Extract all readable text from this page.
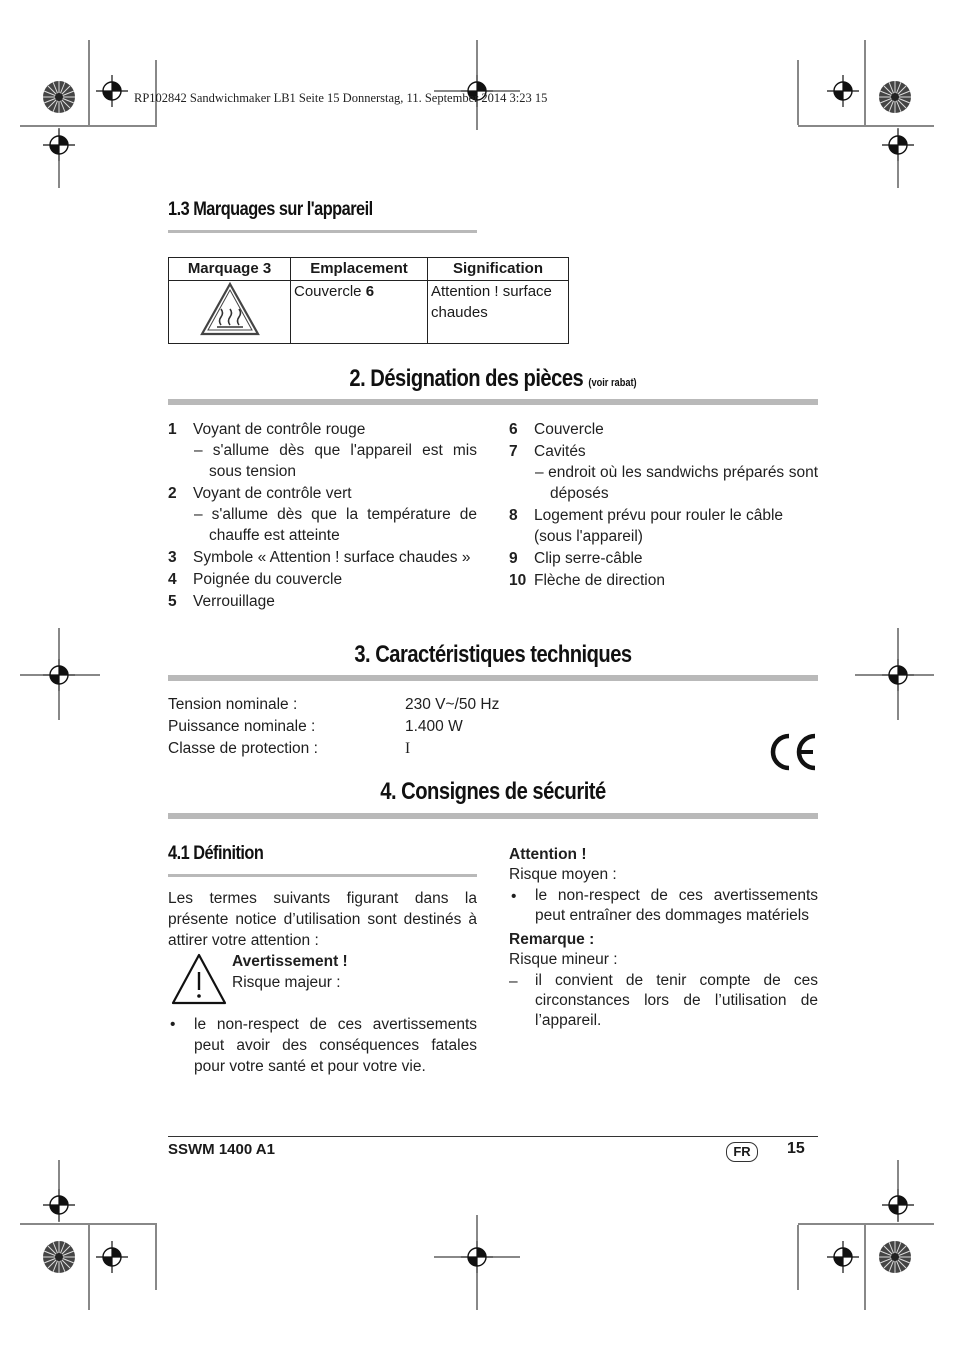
RP102842 Sandwichmaker LB1 Seite 15 Donnerstag, 11. September 2014 3:23 15
1.3 Marquages sur l'appareil
Marquage 3	Emplacement	Signification
	Couvercle 6	Attention ! surface chaudes
2. Désignation des pièces (voir rabat)
1 Voyant de contrôle rouge
– s'allume dès que l'appareil est mis sous tension
2 Voyant de contrôle vert
– s'allume dès que la température de chauffe est atteinte
3 Symbole « Attention ! surface chaudes »
4 Poignée du couvercle
5 Verrouillage
6 Couvercle
7 Cavités
– endroit où les sandwichs préparés sont déposés
8 Logement prévu pour rouler le câble (sous l'appareil)
9 Clip serre-câble
10 Flèche de direction
3. Caractéristiques techniques
Tension nominale :	230 V~/50 Hz
Puissance nominale :	1.400 W
Classe de protection :	I
4. Consignes de sécurité
4.1 Définition
Les termes suivants figurant dans la présente notice d’utilisation sont destinés à attirer votre attention :
Avertissement !
Risque majeur :
• le non-respect de ces avertissements peut avoir des conséquences fatales pour votre santé et pour votre vie.
Attention !
Risque moyen :
• le non-respect de ces avertissements peut entraîner des dommages matériels
Remarque :
Risque mineur :
– il convient de tenir compte de ces circonstances lors de l’utilisation de l’appareil.
SSWM 1400 A1	FR	15
